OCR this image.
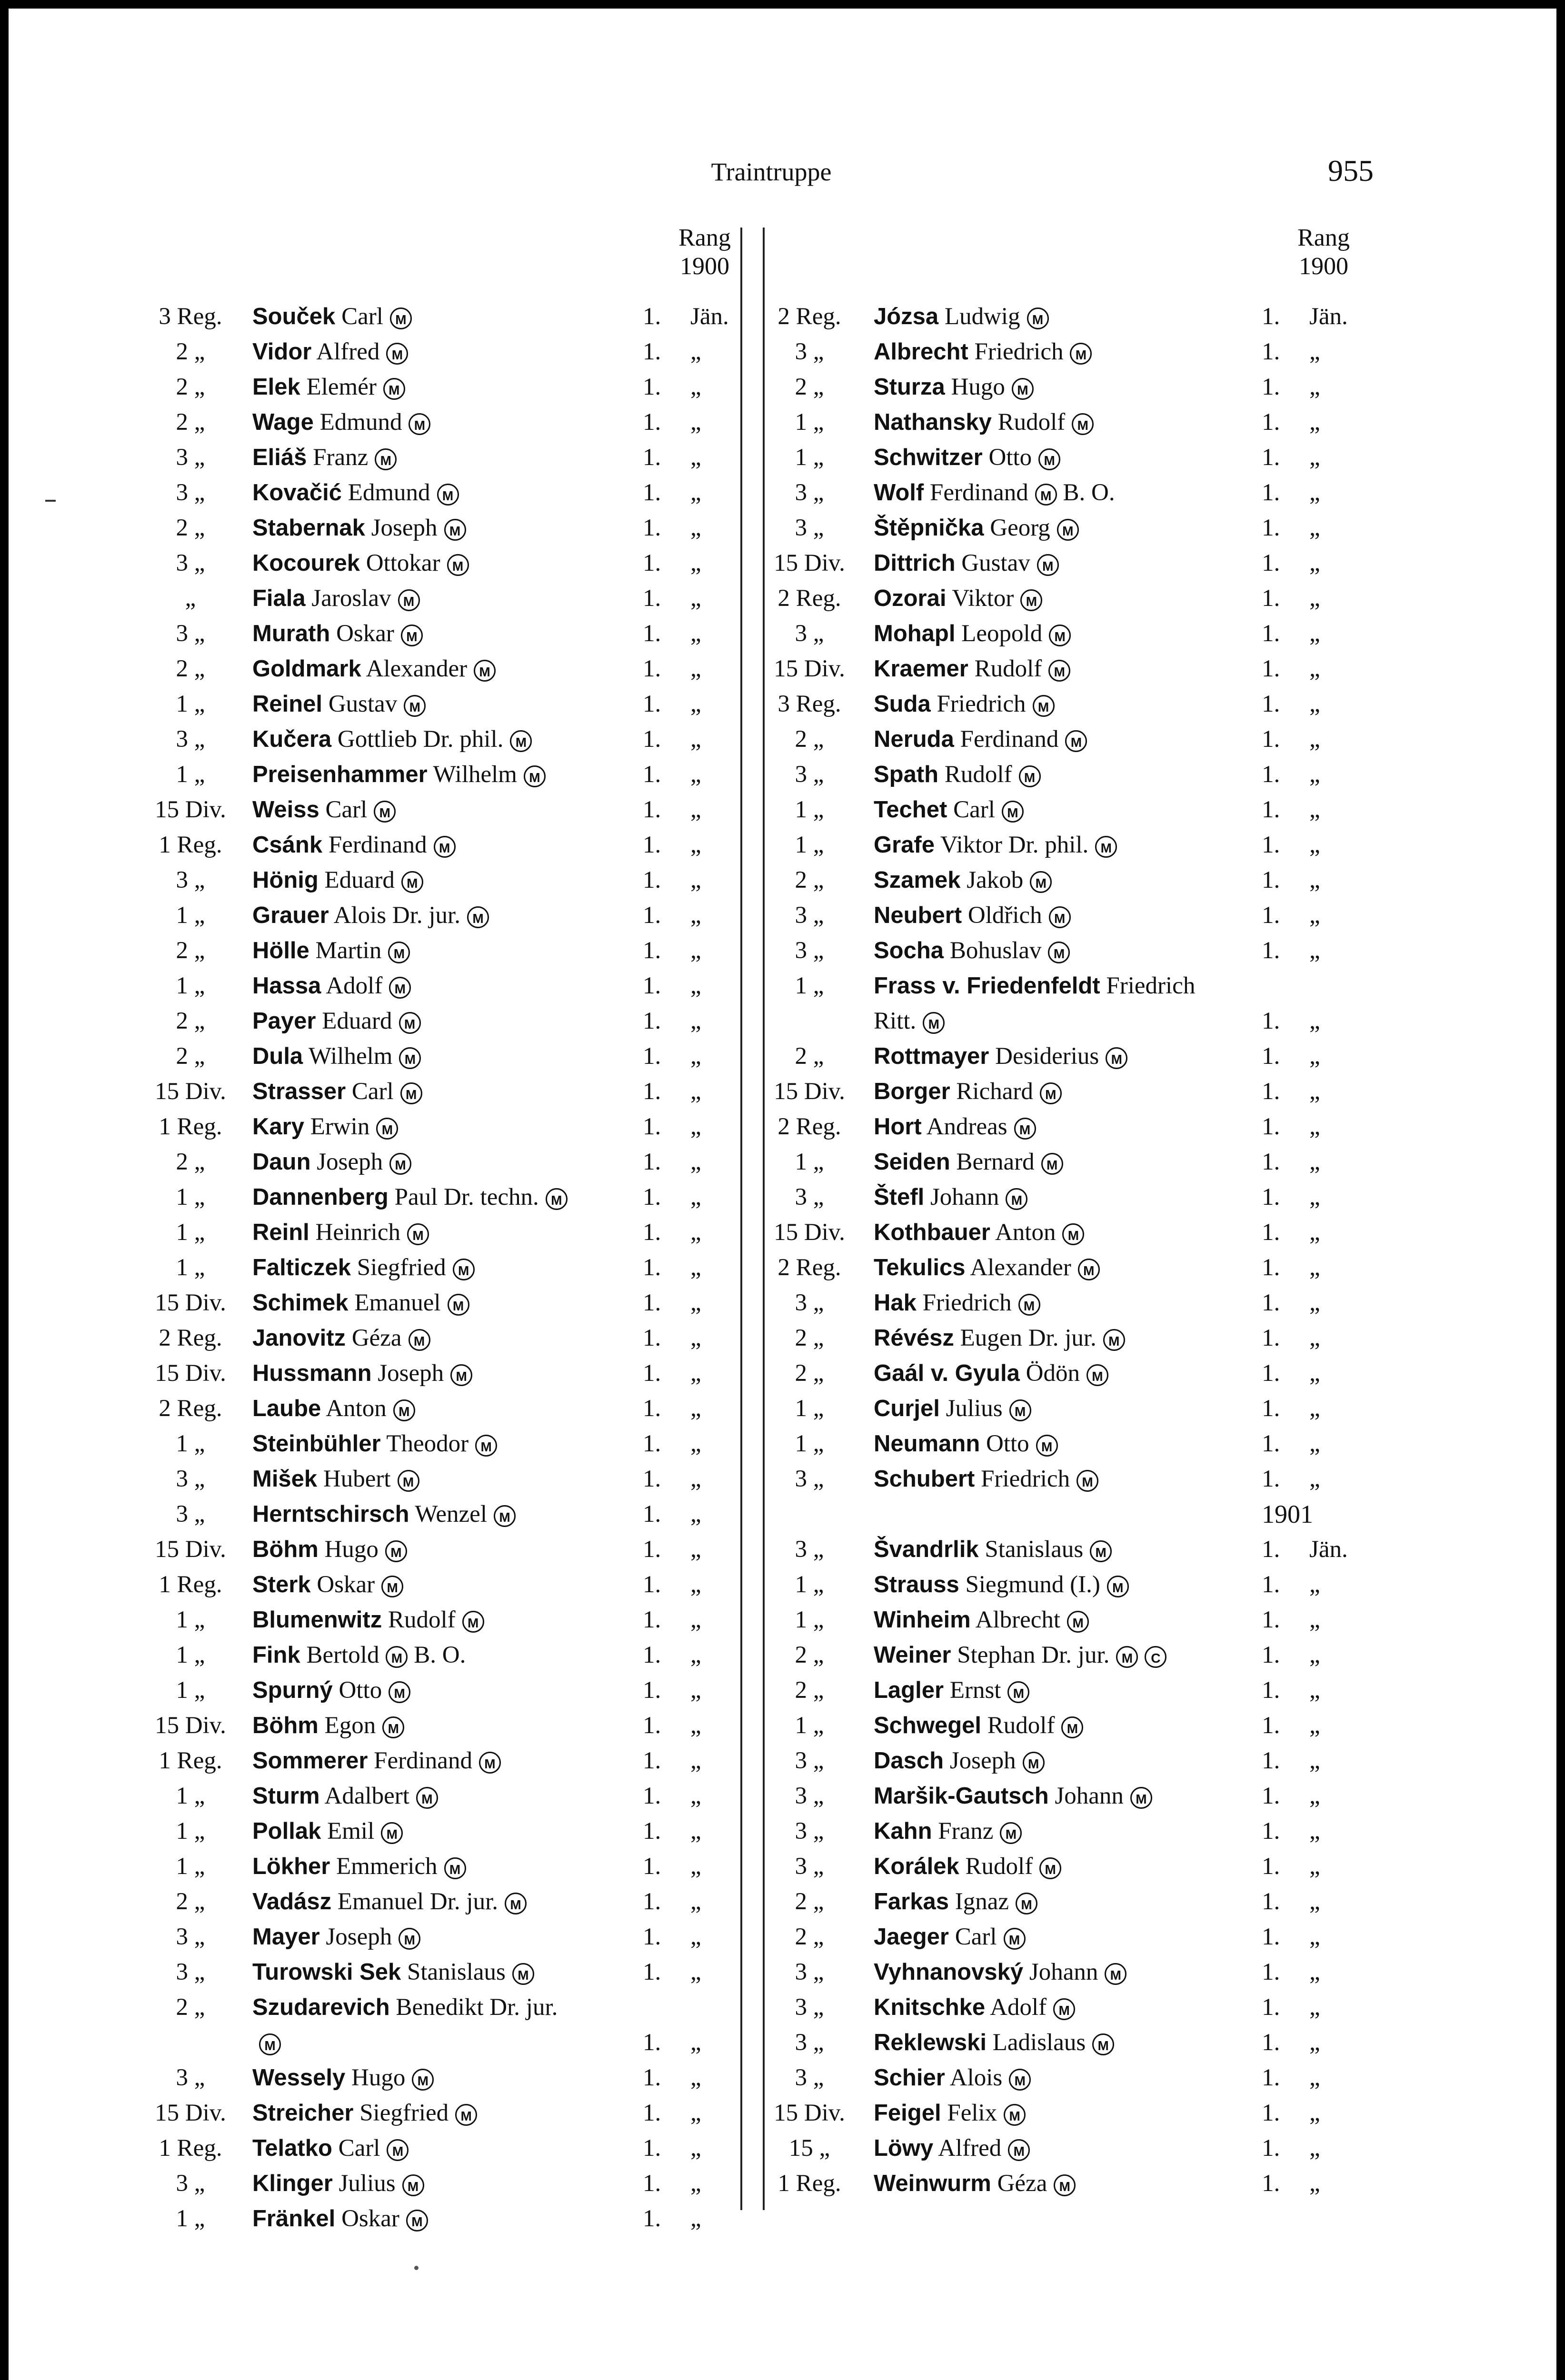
Traintruppe	955
Rang
1900
Rang
1900
3 Reg.	Souček Carl M	1.	Jän.
2 „	Vidor Alfred M	1.	„
2 „	Elek Elemér M	1.	„
2 „	Wage Edmund M	1.	„
3 „	Eliáš Franz M	1.	„
3 „	Kovačić Edmund M	1.	„
2 „	Stabernak Joseph M	1.	„
3 „	Kocourek Ottokar M	1.	„
„	Fiala Jaroslav M	1.	„
3 „	Murath Oskar M	1.	„
2 „	Goldmark Alexander M	1.	„
1 „	Reinel Gustav M	1.	„
3 „	Kučera Gottlieb Dr. phil. M	1.	„
1 „	Preisenhammer Wilhelm M	1.	„
15 Div.	Weiss Carl M	1.	„
1 Reg.	Csánk Ferdinand M	1.	„
3 „	Hönig Eduard M	1.	„
1 „	Grauer Alois Dr. jur. M	1.	„
2 „	Hölle Martin M	1.	„
1 „	Hassa Adolf M	1.	„
2 „	Payer Eduard M	1.	„
2 „	Dula Wilhelm M	1.	„
15 Div.	Strasser Carl M	1.	„
1 Reg.	Kary Erwin M	1.	„
2 „	Daun Joseph M	1.	„
1 „	Dannenberg Paul Dr. techn. M	1.	„
1 „	Reinl Heinrich M	1.	„
1 „	Falticzek Siegfried M	1.	„
15 Div.	Schimek Emanuel M	1.	„
2 Reg.	Janovitz Géza M	1.	„
15 Div.	Hussmann Joseph M	1.	„
2 Reg.	Laube Anton M	1.	„
1 „	Steinbühler Theodor M	1.	„
3 „	Mišek Hubert M	1.	„
3 „	Herntschirsch Wenzel M	1.	„
15 Div.	Böhm Hugo M	1.	„
1 Reg.	Sterk Oskar M	1.	„
1 „	Blumenwitz Rudolf M	1.	„
1 „	Fink Bertold M B. O.	1.	„
1 „	Spurný Otto M	1.	„
15 Div.	Böhm Egon M	1.	„
1 Reg.	Sommerer Ferdinand M	1.	„
1 „	Sturm Adalbert M	1.	„
1 „	Pollak Emil M	1.	„
1 „	Lökher Emmerich M	1.	„
2 „	Vadász Emanuel Dr. jur. M	1.	„
3 „	Mayer Joseph M	1.	„
3 „	Turowski Sek Stanislaus M	1.	„
2 „	Szudarevich Benedikt Dr. jur.
M	1.	„
3 „	Wessely Hugo M	1.	„
15 Div.	Streicher Siegfried M	1.	„
1 Reg.	Telatko Carl M	1.	„
3 „	Klinger Julius M	1.	„
1 „	Fränkel Oskar M	1.	„
2 Reg.	Józsa Ludwig M	1.	Jän.
3 „	Albrecht Friedrich M	1.	„
2 „	Sturza Hugo M	1.	„
1 „	Nathansky Rudolf M	1.	„
1 „	Schwitzer Otto M	1.	„
3 „	Wolf Ferdinand M B. O.	1.	„
3 „	Štěpnička Georg M	1.	„
15 Div.	Dittrich Gustav M	1.	„
2 Reg.	Ozorai Viktor M	1.	„
3 „	Mohapl Leopold M	1.	„
15 Div.	Kraemer Rudolf M	1.	„
3 Reg.	Suda Friedrich M	1.	„
2 „	Neruda Ferdinand M	1.	„
3 „	Spath Rudolf M	1.	„
1 „	Techet Carl M	1.	„
1 „	Grafe Viktor Dr. phil. M	1.	„
2 „	Szamek Jakob M	1.	„
3 „	Neubert Oldřich M	1.	„
3 „	Socha Bohuslav M	1.	„
1 „	Frass v. Friedenfeldt Friedrich
Ritt. M	1.	„
2 „	Rottmayer Desiderius M	1.	„
15 Div.	Borger Richard M	1.	„
2 Reg.	Hort Andreas M	1.	„
1 „	Seiden Bernard M	1.	„
3 „	Štefl Johann M	1.	„
15 Div.	Kothbauer Anton M	1.	„
2 Reg.	Tekulics Alexander M	1.	„
3 „	Hak Friedrich M	1.	„
2 „	Révész Eugen Dr. jur. M	1.	„
2 „	Gaál v. Gyula Ödön M	1.	„
1 „	Curjel Julius M	1.	„
1 „	Neumann Otto M	1.	„
3 „	Schubert Friedrich M	1.	„
1901
3 „	Švandrlik Stanislaus M	1.	Jän.
1 „	Strauss Siegmund (I.) M	1.	„
1 „	Winheim Albrecht M	1.	„
2 „	Weiner Stephan Dr. jur. M C	1.	„
2 „	Lagler Ernst M	1.	„
1 „	Schwegel Rudolf M	1.	„
3 „	Dasch Joseph M	1.	„
3 „	Maršik-Gautsch Johann M	1.	„
3 „	Kahn Franz M	1.	„
3 „	Korálek Rudolf M	1.	„
2 „	Farkas Ignaz M	1.	„
2 „	Jaeger Carl M	1.	„
3 „	Vyhnanovský Johann M	1.	„
3 „	Knitschke Adolf M	1.	„
3 „	Reklewski Ladislaus M	1.	„
3 „	Schier Alois M	1.	„
15 Div.	Feigel Felix M	1.	„
15 „	Löwy Alfred M	1.	„
1 Reg.	Weinwurm Géza M	1.	„
